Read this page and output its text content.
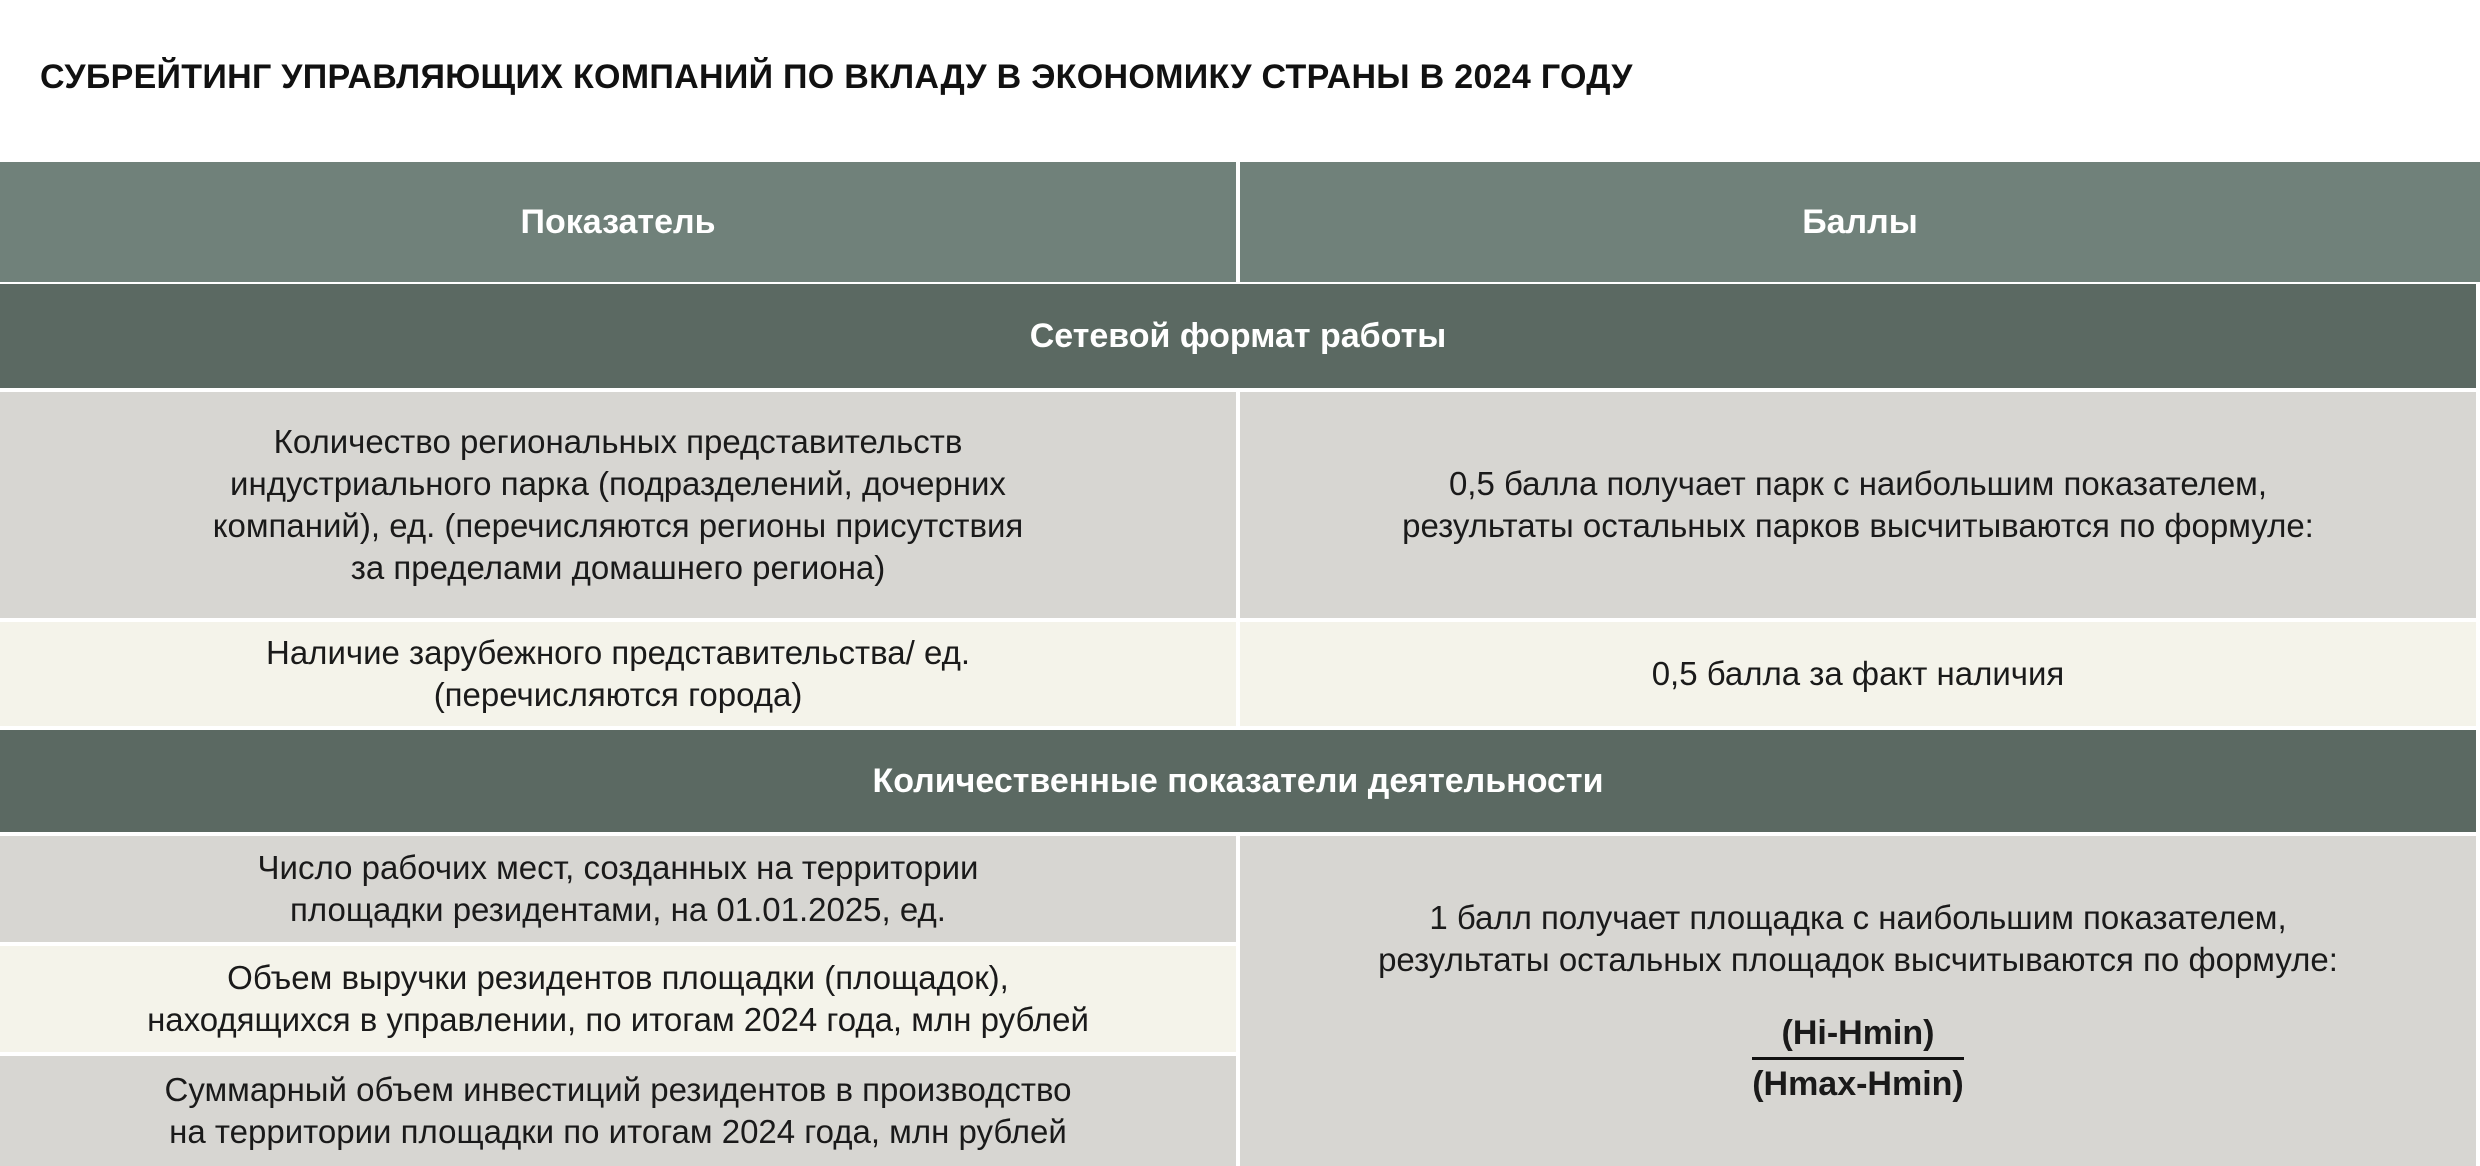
СУБРЕЙТИНГ УПРАВЛЯЮЩИХ КОМПАНИЙ ПО ВКЛАДУ В ЭКОНОМИКУ СТРАНЫ В 2024 ГОДУ
Показатель	Баллы
Сетевой формат работы
Количество региональных представительств
индустриального парка (подразделений, дочерних
компаний), ед. (перечисляются регионы присутствия
за пределами домашнего региона)
0,5 балла получает парк с наибольшим показателем,
результаты остальных парков высчитываются по формуле:
Наличие зарубежного представительства/ ед.
(перечисляются города)
0,5 балла за факт наличия
Количественные показатели деятельности
Число рабочих мест, созданных на территории
площадки резидентами, на 01.01.2025, ед.
Объем выручки резидентов площадки (площадок),
находящихся в управлении, по итогам 2024 года, млн рублей
Суммарный объем инвестиций резидентов в производство
на территории площадки по итогам 2024 года, млн рублей
1 балл получает площадка с наибольшим показателем,
результаты остальных площадок высчитываются по формуле:
$\frac{(Hi-Hmin)}{(Hmax-Hmin)}$
